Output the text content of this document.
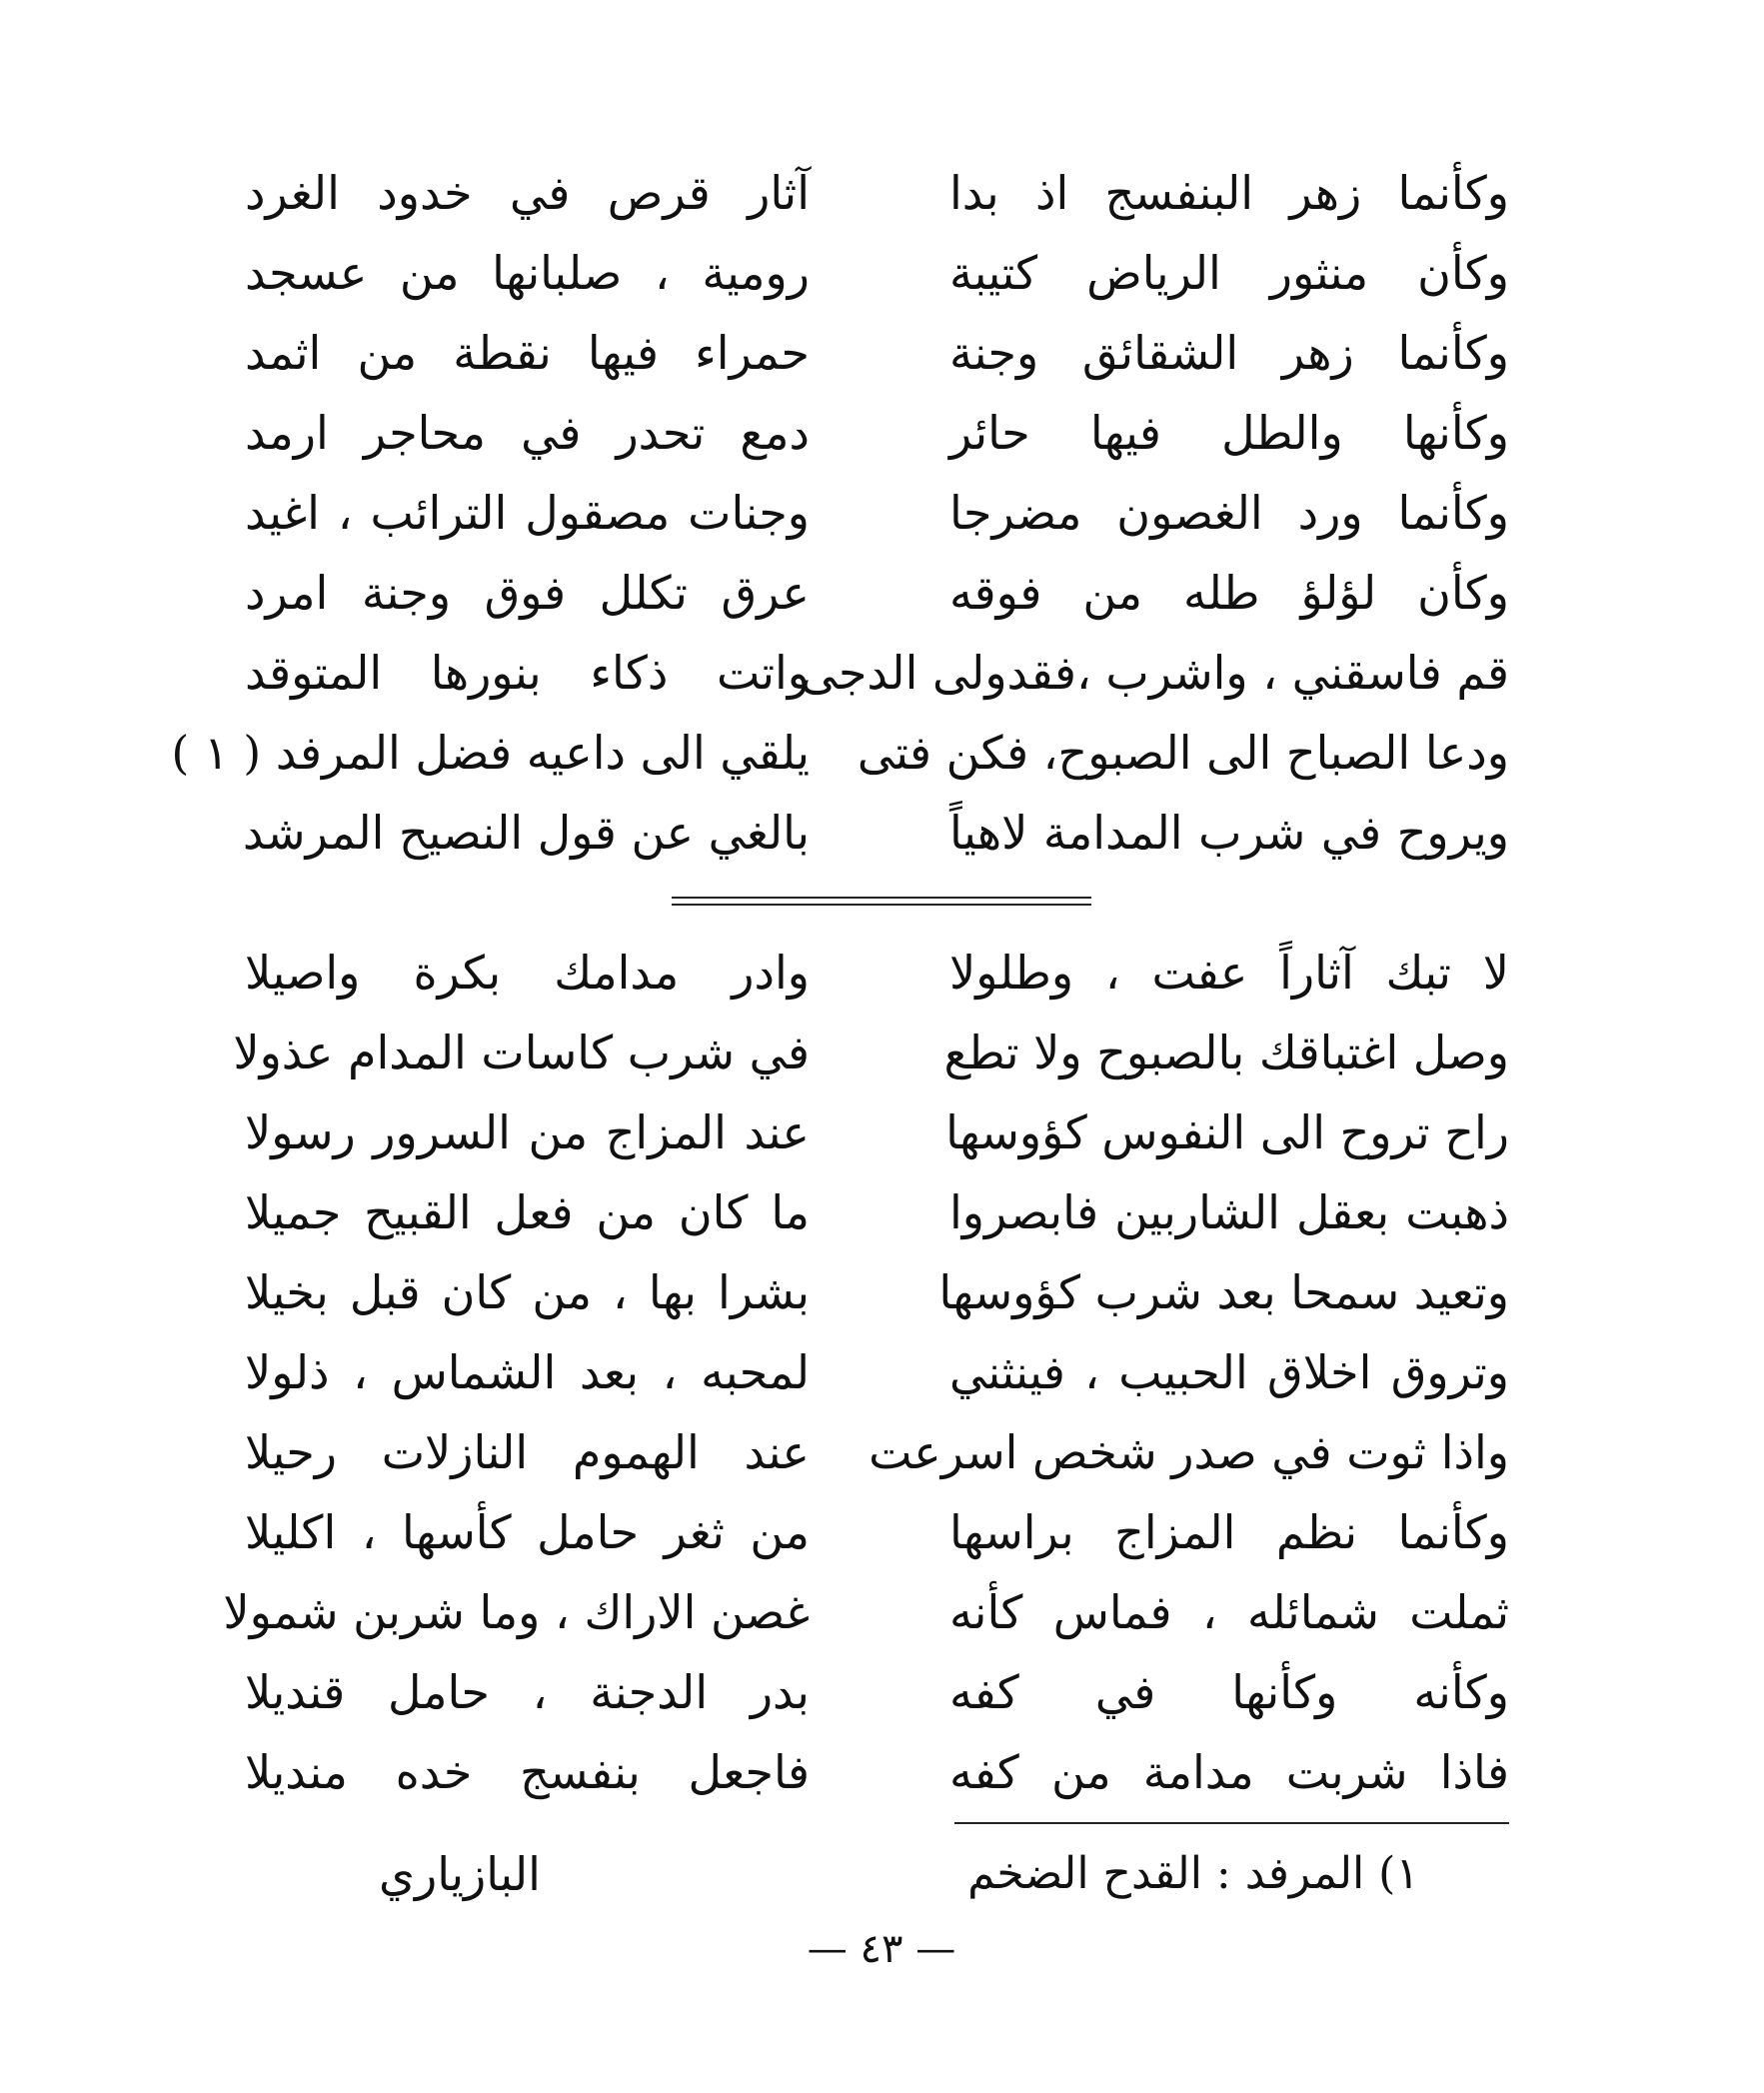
وكأنما زهر البنفسج اذ بدا
آثار قرص في خدود الغرد
وكأن منثور الرياض كتيبة
رومية ، صلبانها من عسجد
وكأنما زهر الشقائق وجنة
حمراء فيها نقطة من اثمد
وكأنها والطل فيها حائر
دمع تحدر في محاجر ارمد
وكأنما ورد الغصون مضرجا
وجنات مصقول الترائب ، اغيد
وكأن لؤلؤ طله من فوقه
عرق تكلل فوق وجنة امرد
قم فاسقني ، واشرب ،فقدولى الدجى
واتت ذكاء بنورها المتوقد
ودعا الصباح الى الصبوح، فكن فتى
يلقي الى داعيه فضل المرفد ( ١ )
ويروح في شرب المدامة لاهياً
بالغي عن قول النصيح المرشد
لا تبك آثاراً عفت ، وطلولا
وادر مدامك بكرة واصيلا
وصل اغتباقك بالصبوح ولا تطع
في شرب كاسات المدام عذولا
راح تروح الى النفوس كؤوسها
عند المزاج من السرور رسولا
ذهبت بعقل الشاربين فابصروا
ما كان من فعل القبيح جميلا
وتعيد سمحا بعد شرب كؤوسها
بشرا بها ، من كان قبل بخيلا
وتروق اخلاق الحبيب ، فينثني
لمحبه ، بعد الشماس ، ذلولا
واذا ثوت في صدر شخص اسرعت
عند الهموم النازلات رحيلا
وكأنما نظم المزاج براسها
من ثغر حامل كأسها ، اكليلا
ثملت شمائله ، فماس كأنه
غصن الاراك ، وما شربن شمولا
وكأنه وكأنها في كفه
بدر الدجنة ، حامل قنديلا
فاذا شربت مدامة من كفه
فاجعل بنفسج خده منديلا
١) المرفد : القدح الضخم
البازياري
— ٤٣ —
